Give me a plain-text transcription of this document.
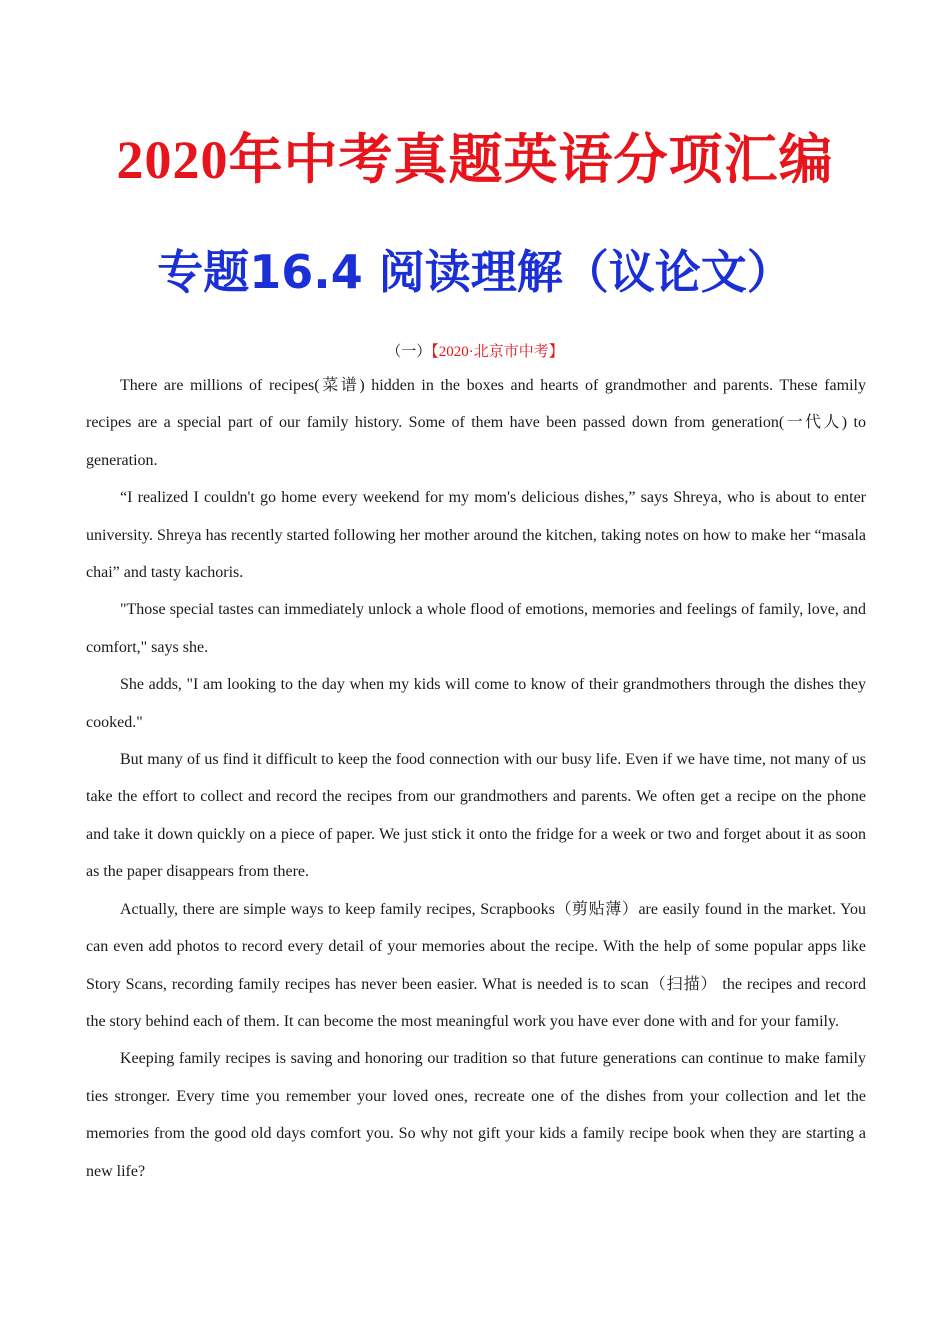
2020年中考真题英语分项汇编
专题16.4 阅读理解（议论文）
（一）【2020·北京市中考】

There are millions of recipes(菜谱) hidden in the boxes and hearts of grandmother and parents. These family recipes are a special part of our family history. Some of them have been passed down from generation(一代人) to generation.

“I realized I couldn't go home every weekend for my mom's delicious dishes,” says Shreya, who is about to enter university. Shreya has recently started following her mother around the kitchen, taking notes on how to make her “masala chai” and tasty kachoris.

"Those special tastes can immediately unlock a whole flood of emotions, memories and feelings of family, love, and comfort," says she.

She adds, "I am looking to the day when my kids will come to know of their grandmothers through the dishes they cooked."

But many of us find it difficult to keep the food connection with our busy life. Even if we have time, not many of us take the effort to collect and record the recipes from our grandmothers and parents. We often get a recipe on the phone and take it down quickly on a piece of paper. We just stick it onto the fridge for a week or two and forget about it as soon as the paper disappears from there.

Actually, there are simple ways to keep family recipes, Scrapbooks（剪贴薄）are easily found in the market. You can even add photos to record every detail of your memories about the recipe. With the help of some popular apps like Story Scans, recording family recipes has never been easier. What is needed is to scan（扫描） the recipes and record the story behind each of them. It can become the most meaningful work you have ever done with and for your family.

Keeping family recipes is saving and honoring our tradition so that future generations can continue to make family ties stronger. Every time you remember your loved ones, recreate one of the dishes from your collection and let the memories from the good old days comfort you. So why not gift your kids a family recipe book when they are starting a new life?
